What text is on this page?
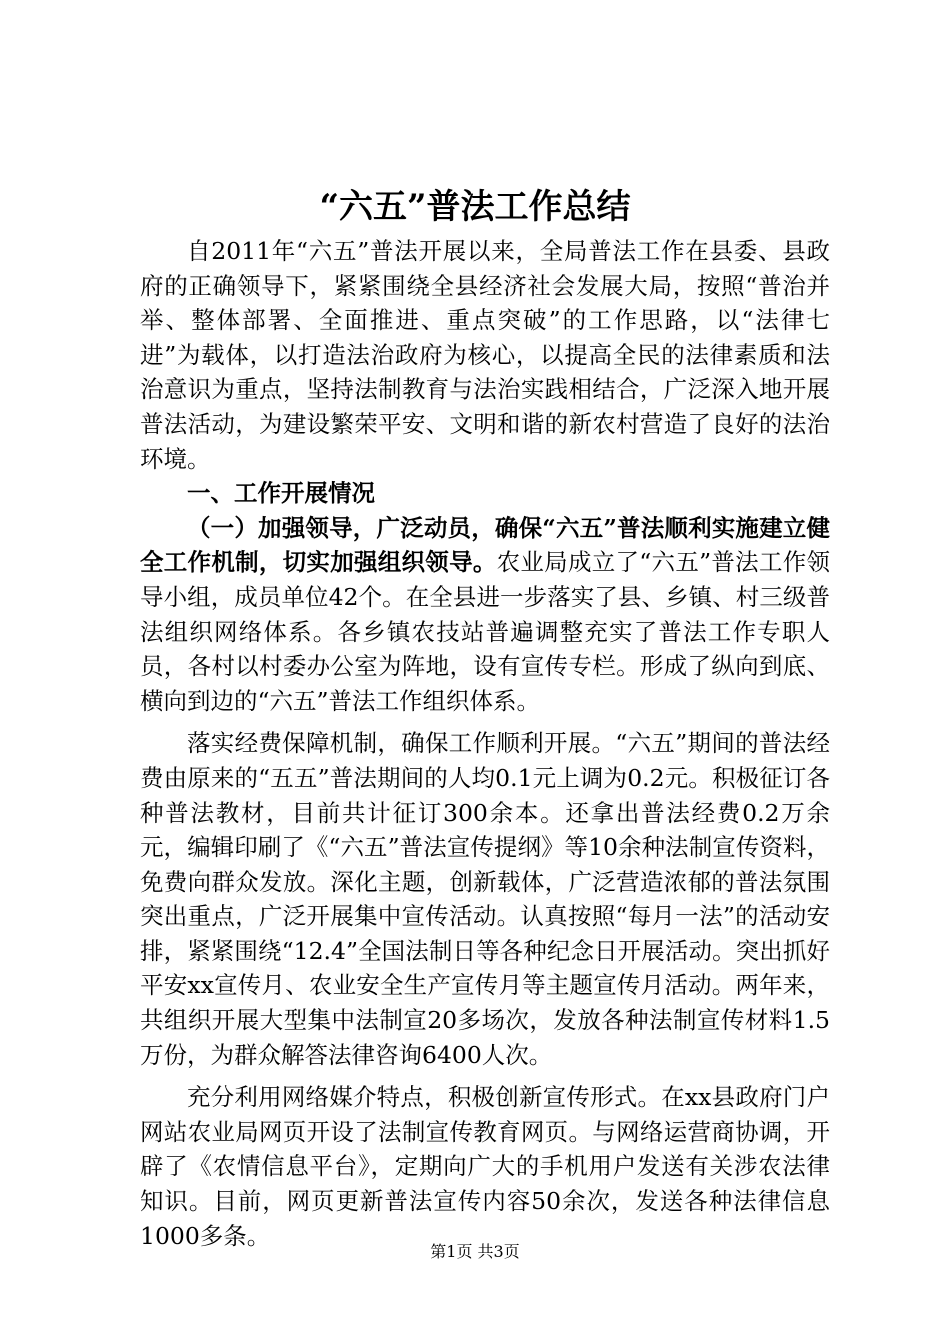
“六五”普法工作总结

自2011年“六五”普法开展以来，全局普法工作在县委、县政府的正确领导下，紧紧围绕全县经济社会发展大局，按照“普治并举、整体部署、全面推进、重点突破”的工作思路，以“法律七进”为载体，以打造法治政府为核心，以提高全民的法律素质和法治意识为重点，坚持法制教育与法治实践相结合，广泛深入地开展普法活动，为建设繁荣平安、文明和谐的新农村营造了良好的法治环境。

一、工作开展情况

（一）加强领导，广泛动员，确保“六五”普法顺利实施建立健全工作机制，切实加强组织领导。农业局成立了“六五”普法工作领导小组，成员单位42个。在全县进一步落实了县、乡镇、村三级普法组织网络体系。各乡镇农技站普遍调整充实了普法工作专职人员，各村以村委办公室为阵地，设有宣传专栏。形成了纵向到底、横向到边的“六五”普法工作组织体系。

落实经费保障机制，确保工作顺利开展。“六五”期间的普法经费由原来的“五五”普法期间的人均0.1元上调为0.2元。积极征订各种普法教材，目前共计征订300余本。还拿出普法经费0.2万余元，编辑印刷了《“六五”普法宣传提纲》等10余种法制宣传资料，免费向群众发放。深化主题，创新载体，广泛营造浓郁的普法氛围突出重点，广泛开展集中宣传活动。认真按照“每月一法”的活动安排，紧紧围绕“12.4”全国法制日等各种纪念日开展活动。突出抓好平安xx宣传月、农业安全生产宣传月等主题宣传月活动。两年来，共组织开展大型集中法制宣20多场次，发放各种法制宣传材料1.5万份，为群众解答法律咨询6400人次。

充分利用网络媒介特点，积极创新宣传形式。在xx县政府门户网站农业局网页开设了法制宣传教育网页。与网络运营商协调，开辟了《农情信息平台》，定期向广大的手机用户发送有关涉农法律知识。目前，网页更新普法宣传内容50余次，发送各种法律信息1000多条。

第1页 共3页
